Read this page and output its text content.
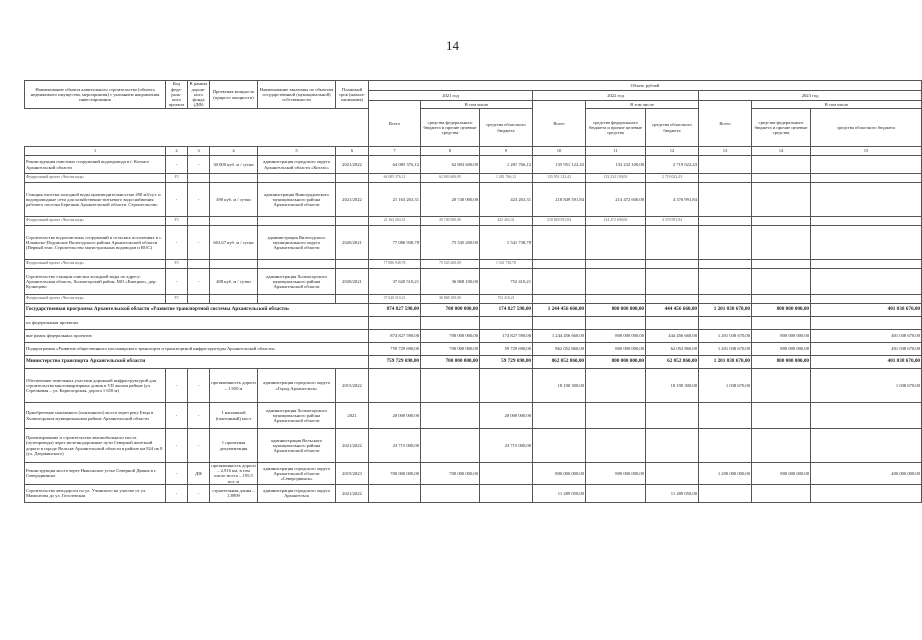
14
Наименование объекта капитального строительства (объекта недвижимого имущества, мероприятия) с указанием направления инвестирования	Код феде-раль-ного проекта	В рамках дорож-ного фонда (ДФ)	Проектная мощность (прирост мощности)	Наименование заказчика по объектам государственной (муниципальной) собственности	Плановый срок (начала-окончания)	Объем, рублей								
						2021 год			2022 год			2023 год		
						Всего	В том числе		Всего	В том числе		Всего	В том числе	
							средства федерального бюджета и прочие целевые средства	средства областного бюджета		средства федерального бюджета и прочие целевые средства	средства областного бюджета		средства федерального бюджета и прочие целевые средства	средства областного бюджета
1	2	3	4	5	6	7	8	9	10	11	12	13	14	15
Реконструкция очистных сооружений водопровода в г. Котласе Архангельской области	-	-	30 000 куб. м / сутки	администрация городского округа Архангельской области «Котлас»	2021/2022	64 085 376,12	62 803 600,00	1 281 766,12	135 951 122,43	133 232 100,00	2 719 022,43			
Федеральный проект «Чистая вода»	F5					64 085 376,12	62 803 600,00	1 281 766,12	135 951 122,43	133 232 100,00	2 719 022,43			
Станция очистки холодной воды производительностью 490 м3/сут. и водопроводные сети для хозяйственно-питьевого водоснабжения рабочего поселка Березник Архангельской области. Строительство	-	-	490 куб. м / сутки	администрация Виноградовского муниципального района Архангельской области	2021/2022	21 163 263,31	20 740 000,00	423 263,31	218 849 591,84	214 472 600,00	4 376 991,84			
Федеральный проект «Чистая вода»	F5					21 163 263,31	20 740 000,00	423 263,31	218 849 591,84	214 472 600,00	4 376 991,84			
Строительство водоочистных сооружений в сельских поселениях в с. Ильинско-Подомское Вилегодского района Архангельской области (Первый этап. Строительство магистральных водоводов и ВОС)	-	-	663,67 куб. м / сутки	администрация Вилегодского муниципального округа Архангельской области	2020/2021	77 086 938,78	75 545 200,00	1 541 738,78						
Федеральный проект «Чистая вода»	F5					77 086 938,78	75 545 200,00	1 541 738,78						
Строительство станции очистки холодной воды по адресу: Архангельская область, Холмогорский район, МО «Емецкое», дер. Кузнецово	-	-	408 куб. м / сутки	администрация Холмогорского муниципального района Архангельской области	2020/2021	37 620 510,21	36 868 100,00	752 410,21						
Федеральный проект «Чистая вода»	F5					37 620 510,21	36 868 100,00	752 410,21						
Государственная программа Архангельской области «Развитие транспортной системы Архангельской области»						874 827 590,00	700 000 000,00	174 827 590,00	1 244 456 660,00	800 000 000,00	444 456 660,00	1 201 038 670,00	800 000 000,00	401 038 670,00
по федеральным проектам														
вне рамок федеральных проектов						874 827 590,00	700 000 000,00	174 827 590,00	1 244 456 660,00	800 000 000,00	444 456 660,00	1 201 038 670,00	800 000 000,00	401 038 670,00
Подпрограмма «Развитие общественного пассажирского транспорта и транспортной инфраструктуры Архангельской области»						759 729 690,00	700 000 000,00	59 729 690,00	862 052 860,00	800 000 000,00	62 052 860,00	1 201 038 670,00	800 000 000,00	401 038 670,00
Министерство транспорта Архангельской области						759 729 690,00	700 000 000,00	59 729 690,00	862 052 860,00	800 000 000,00	62 052 860,00	1 201 038 670,00	800 000 000,00	401 038 670,00
Обеспечение земельных участков дорожной инфраструктурой для строительства многоквартирных домов в VII жилом районе (ул. Стрелковая – ул. Карпогорская, дорога 1 650 м)	-	-	протяженность дороги – 1 650 м	администрация городского округа «Город Архангельск»	2015/2022				18 190 300,00		18 190 300,00	1 038 670,00		1 038 670,00
Приобретение наплавного (понтонного) моста через реку Емца в Холмогорском муниципальном районе Архангельской области	-	-	1 наплавной (понтонный) мост	администрация Холмогорского муниципального района Архангельской области	2021	20 000 000,00		20 000 000,00						
Проектирование и строительство автомобильного моста (путепровода) через железнодорожные пути Северной железной дороги в городе Вельске Архангельской области в районе км 824 пк 8 (ул. Дзержинского)	-	-	1 проектная документация	администрация Вельского муниципального района Архангельской области	2021/2022	23 715 000,00		23 715 000,00						
Реконструкция моста через Никольское устье Северной Двины в г. Северодвинске	-	ДФ	протяженность дороги – 2,916 км, в том числе моста – 195,5 пог. м	администрация городского округа Архангельской области «Северодвинск»	2019/2023	700 000 000,00	700 000 000,00		800 000 000,00	800 000 000,00		1 200 000 000,00	800 000 000,00	400 000 000,00
Строительство автодороги по ул. Учинского на участке от ул. Мамонтова до ул. Гоголевская	-	-	строительная длина – 1,8909	администрация городского округа Архангельск	2021/2022				11 289 050,00		11 289 050,00			
